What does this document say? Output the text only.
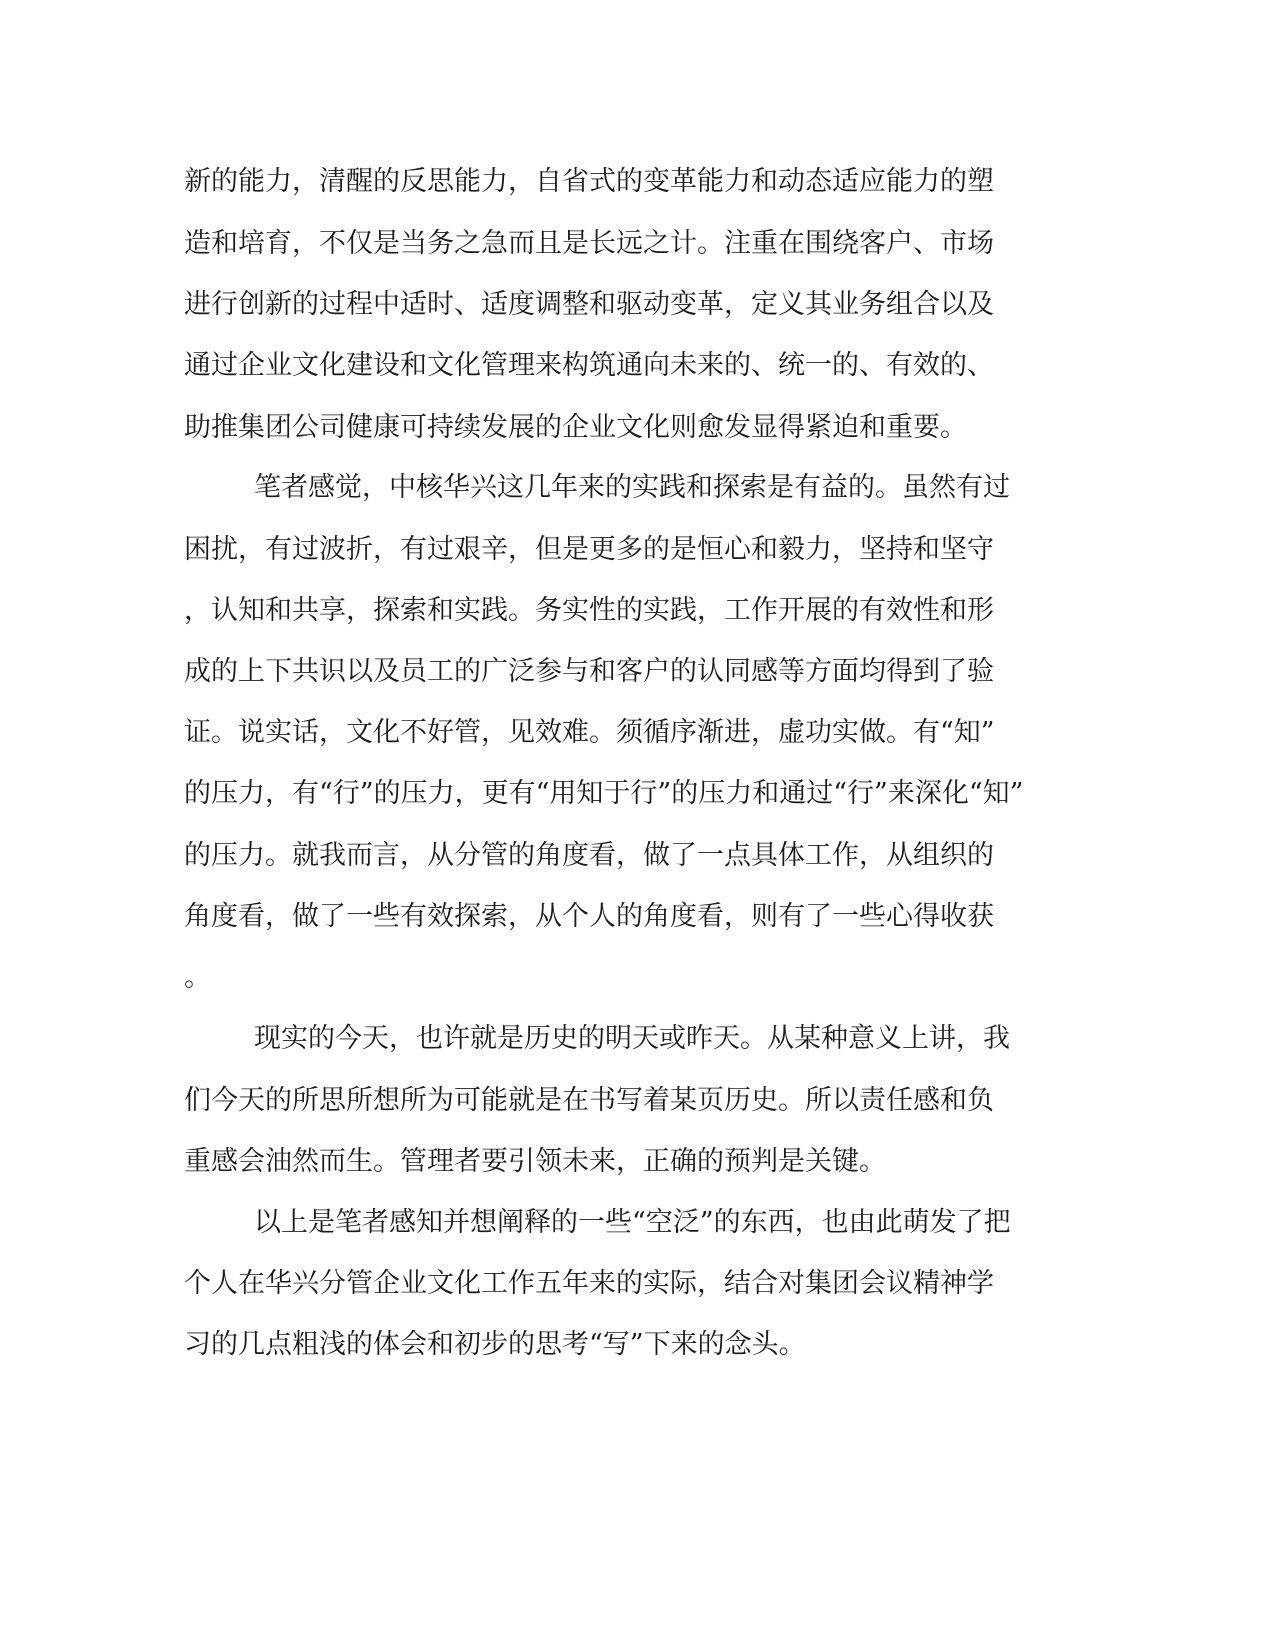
新的能力，清醒的反思能力，自省式的变革能力和动态适应能力的塑

造和培育，不仅是当务之急而且是长远之计。注重在围绕客户、市场

进行创新的过程中适时、适度调整和驱动变革，定义其业务组合以及

通过企业文化建设和文化管理来构筑通向未来的、统一的、有效的、

助推集团公司健康可持续发展的企业文化则愈发显得紧迫和重要。

笔者感觉，中核华兴这几年来的实践和探索是有益的。虽然有过

困扰，有过波折，有过艰辛，但是更多的是恒心和毅力，坚持和坚守

，认知和共享，探索和实践。务实性的实践，工作开展的有效性和形

成的上下共识以及员工的广泛参与和客户的认同感等方面均得到了验

证。说实话，文化不好管，见效难。须循序渐进，虚功实做。有“知”

的压力，有“行”的压力，更有“用知于行”的压力和通过“行”来深化“知”

的压力。就我而言，从分管的角度看，做了一点具体工作，从组织的

角度看，做了一些有效探索，从个人的角度看，则有了一些心得收获

。

现实的今天，也许就是历史的明天或昨天。从某种意义上讲，我

们今天的所思所想所为可能就是在书写着某页历史。所以责任感和负

重感会油然而生。管理者要引领未来，正确的预判是关键。

以上是笔者感知并想阐释的一些“空泛”的东西，也由此萌发了把

个人在华兴分管企业文化工作五年来的实际，结合对集团会议精神学

习的几点粗浅的体会和初步的思考“写”下来的念头。
